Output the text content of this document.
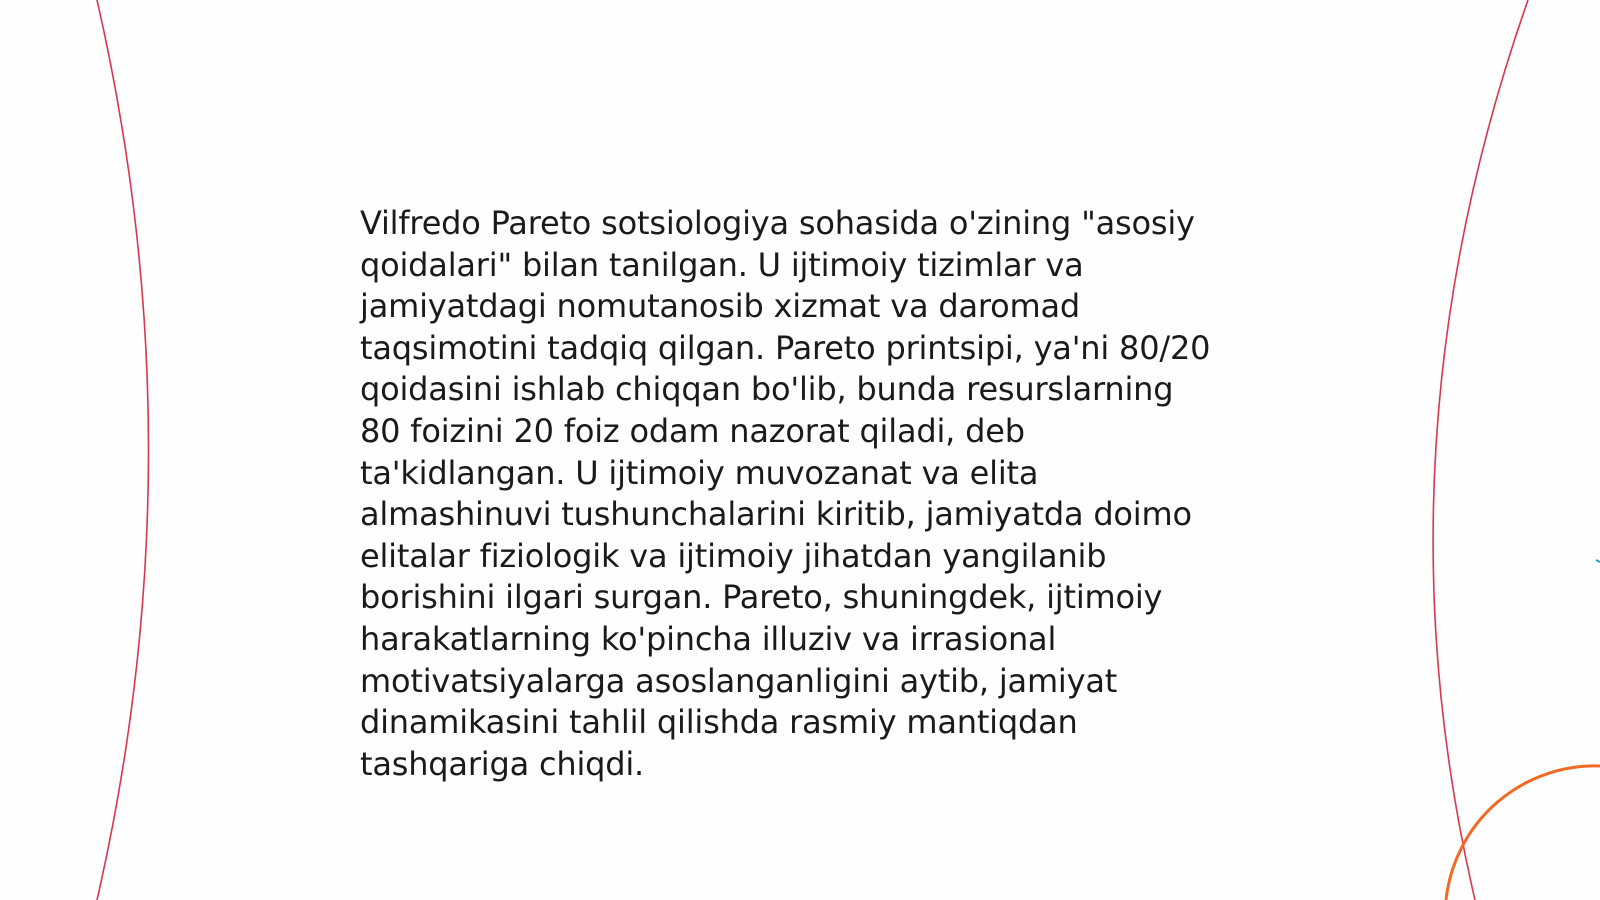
Vilfredo Pareto sotsiologiya sohasida o'zining "asosiy
qoidalari" bilan tanilgan. U ijtimoiy tizimlar va
jamiyatdagi nomutanosib xizmat va daromad
taqsimotini tadqiq qilgan. Pareto printsipi, ya'ni 80/20
qoidasini ishlab chiqqan bo'lib, bunda resurslarning
80 foizini 20 foiz odam nazorat qiladi, deb
ta'kidlangan. U ijtimoiy muvozanat va elita
almashinuvi tushunchalarini kiritib, jamiyatda doimo
elitalar fiziologik va ijtimoiy jihatdan yangilanib
borishini ilgari surgan. Pareto, shuningdek, ijtimoiy
harakatlarning ko'pincha illuziv va irrasional
motivatsiyalarga asoslanganligini aytib, jamiyat
dinamikasini tahlil qilishda rasmiy mantiqdan
tashqariga chiqdi.
